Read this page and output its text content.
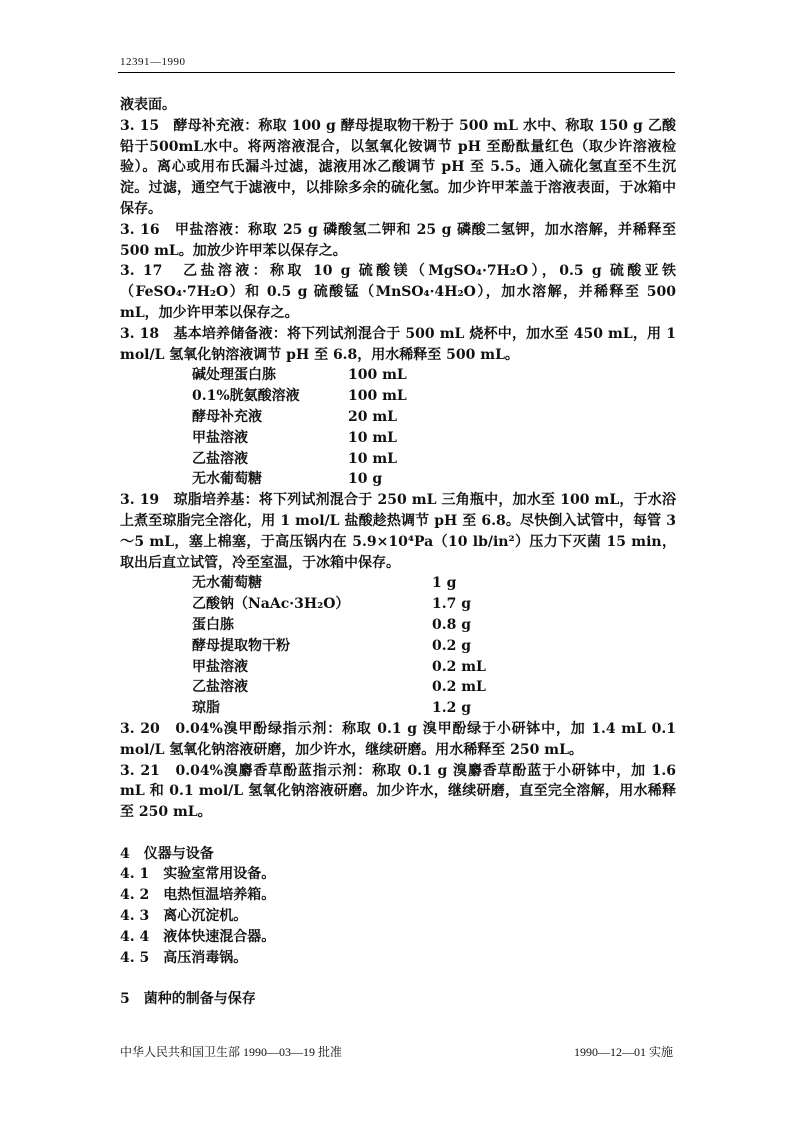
12391—1990

液表面。

3. 15　酵母补充液：称取 100 g 酵母提取物干粉于 500 mL 水中、称取 150 g 乙酸铅于500mL水中。将两溶液混合，以氢氧化铵调节 pH 至酚酞量红色（取少许溶液检验）。离心或用布氏漏斗过滤，滤液用冰乙酸调节 pH 至 5.5。通入硫化氢直至不生沉淀。过滤，通空气于滤液中，以排除多余的硫化氢。加少许甲苯盖于溶液表面，于冰箱中保存。

3. 16　甲盐溶液：称取 25 g 磷酸氢二钾和 25 g 磷酸二氢钾，加水溶解，并稀释至 500 mL。加放少许甲苯以保存之。

3. 17　乙盐溶液：称取 10 g 硫酸镁（MgSO₄·7H₂O），0.5 g 硫酸亚铁（FeSO₄·7H₂O）和 0.5 g 硫酸锰（MnSO₄·4H₂O），加水溶解，并稀释至 500 mL，加少许甲苯以保存之。

3. 18　基本培养储备液：将下列试剂混合于 500 mL 烧杯中，加水至 450 mL，用 1 mol/L 氢氧化钠溶液调节 pH 至 6.8，用水稀释至 500 mL。

碱处理蛋白胨	100 mL
0.1%胱氨酸溶液	100 mL
酵母补充液	20 mL
甲盐溶液	10 mL
乙盐溶液	10 mL
无水葡萄糖	10 g

3. 19　琼脂培养基：将下列试剂混合于 250 mL 三角瓶中，加水至 100 mL，于水浴上煮至琼脂完全溶化，用 1 mol/L 盐酸趁热调节 pH 至 6.8。尽快倒入试管中，每管 3～5 mL，塞上棉塞，于高压锅内在 5.9×10⁴Pa（10 lb/in²）压力下灭菌 15 min，取出后直立试管，冷至室温，于冰箱中保存。

无水葡萄糖	1 g
乙酸钠（NaAc·3H₂O）	1.7 g
蛋白胨	0.8 g
酵母提取物干粉	0.2 g
甲盐溶液	0.2 mL
乙盐溶液	0.2 mL
琼脂	1.2 g

3. 20　0.04%溴甲酚绿指示剂：称取 0.1 g 溴甲酚绿于小研钵中，加 1.4 mL 0.1 mol/L 氢氧化钠溶液研磨，加少许水，继续研磨。用水稀释至 250 mL。

3. 21　0.04%溴麝香草酚蓝指示剂：称取 0.1 g 溴麝香草酚蓝于小研钵中，加 1.6 mL 和 0.1 mol/L 氢氧化钠溶液研磨。加少许水，继续研磨，直至完全溶解，用水稀释至 250 mL。

4　仪器与设备

4. 1　实验室常用设备。

4. 2　电热恒温培养箱。

4. 3　离心沉淀机。

4. 4　液体快速混合器。

4. 5　高压消毒锅。

5　菌种的制备与保存

中华人民共和国卫生部 1990—03—19 批准	1990—12—01 实施
